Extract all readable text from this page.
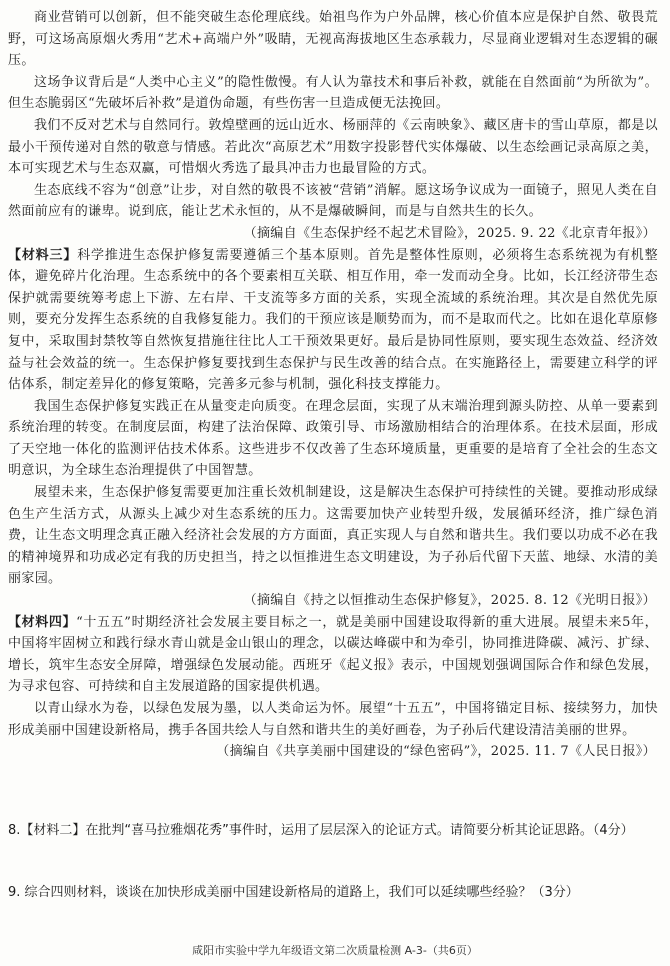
商业营销可以创新，但不能突破生态伦理底线。始祖鸟作为户外品牌，核心价值本应是保护自然、敬畏荒野，可这场高原烟火秀用“艺术+高端户外”吸睛，无视高海拔地区生态承载力，尽显商业逻辑对生态逻辑的碾压。

这场争议背后是“人类中心主义”的隐性傲慢。有人认为靠技术和事后补救，就能在自然面前“为所欲为”。但生态脆弱区“先破坏后补救”是道伪命题，有些伤害一旦造成便无法挽回。

我们不反对艺术与自然同行。敦煌壁画的远山近水、杨丽萍的《云南映象》、藏区唐卡的雪山草原，都是以最小干预传递对自然的敬意与情感。若此次“高原艺术”用数字投影替代实体爆破、以生态绘画记录高原之美，本可实现艺术与生态双赢，可惜烟火秀选了最具冲击力也最冒险的方式。

生态底线不容为“创意”让步，对自然的敬畏不该被“营销”消解。愿这场争议成为一面镜子，照见人类在自然面前应有的谦卑。说到底，能让艺术永恒的，从不是爆破瞬间，而是与自然共生的长久。

（摘编自《生态保护经不起艺术冒险》，2025. 9. 22《北京青年报》）

【材料三】科学推进生态保护修复需要遵循三个基本原则。首先是整体性原则，必须将生态系统视为有机整体，避免碎片化治理。生态系统中的各个要素相互关联、相互作用，牵一发而动全身。比如，长江经济带生态保护就需要统筹考虑上下游、左右岸、干支流等多方面的关系，实现全流域的系统治理。其次是自然优先原则，要充分发挥生态系统的自我修复能力。我们的干预应该是顺势而为，而不是取而代之。比如在退化草原修复中，采取围封禁牧等自然恢复措施往往比人工干预效果更好。最后是协同性原则，要实现生态效益、经济效益与社会效益的统一。生态保护修复要找到生态保护与民生改善的结合点。在实施路径上，需要建立科学的评估体系，制定差异化的修复策略，完善多元参与机制，强化科技支撑能力。

我国生态保护修复实践正在从量变走向质变。在理念层面，实现了从末端治理到源头防控、从单一要素到系统治理的转变。在制度层面，构建了法治保障、政策引导、市场激励相结合的治理体系。在技术层面，形成了天空地一体化的监测评估技术体系。这些进步不仅改善了生态环境质量，更重要的是培育了全社会的生态文明意识，为全球生态治理提供了中国智慧。

展望未来，生态保护修复需要更加注重长效机制建设，这是解决生态保护可持续性的关键。要推动形成绿色生产生活方式，从源头上减少对生态系统的压力。这需要加快产业转型升级，发展循环经济，推广绿色消费，让生态文明理念真正融入经济社会发展的方方面面，真正实现人与自然和谐共生。我们要以功成不必在我的精神境界和功成必定有我的历史担当，持之以恒推进生态文明建设，为子孙后代留下天蓝、地绿、水清的美丽家园。

（摘编自《持之以恒推动生态保护修复》，2025. 8. 12《光明日报》）

【材料四】“十五五”时期经济社会发展主要目标之一，就是美丽中国建设取得新的重大进展。展望未来5年，中国将牢固树立和践行绿水青山就是金山银山的理念，以碳达峰碳中和为牵引，协同推进降碳、减污、扩绿、增长，筑牢生态安全屏障，增强绿色发展动能。西班牙《起义报》表示，中国规划强调国际合作和绿色发展，为寻求包容、可持续和自主发展道路的国家提供机遇。

以青山绿水为卷，以绿色发展为墨，以人类命运为怀。展望“十五五”，中国将锚定目标、接续努力，加快形成美丽中国建设新格局，携手各国共绘人与自然和谐共生的美好画卷，为子孙后代建设清洁美丽的世界。

（摘编自《共享美丽中国建设的“绿色密码”》，2025. 11. 7《人民日报》）

8.【材料二】在批判“喜马拉雅烟花秀”事件时，运用了层层深入的论证方式。请简要分析其论证思路。（4分）

9. 综合四则材料，谈谈在加快形成美丽中国建设新格局的道路上，我们可以延续哪些经验？（3分）

咸阳市实验中学九年级语文第二次质量检测 A-3-（共6页）
